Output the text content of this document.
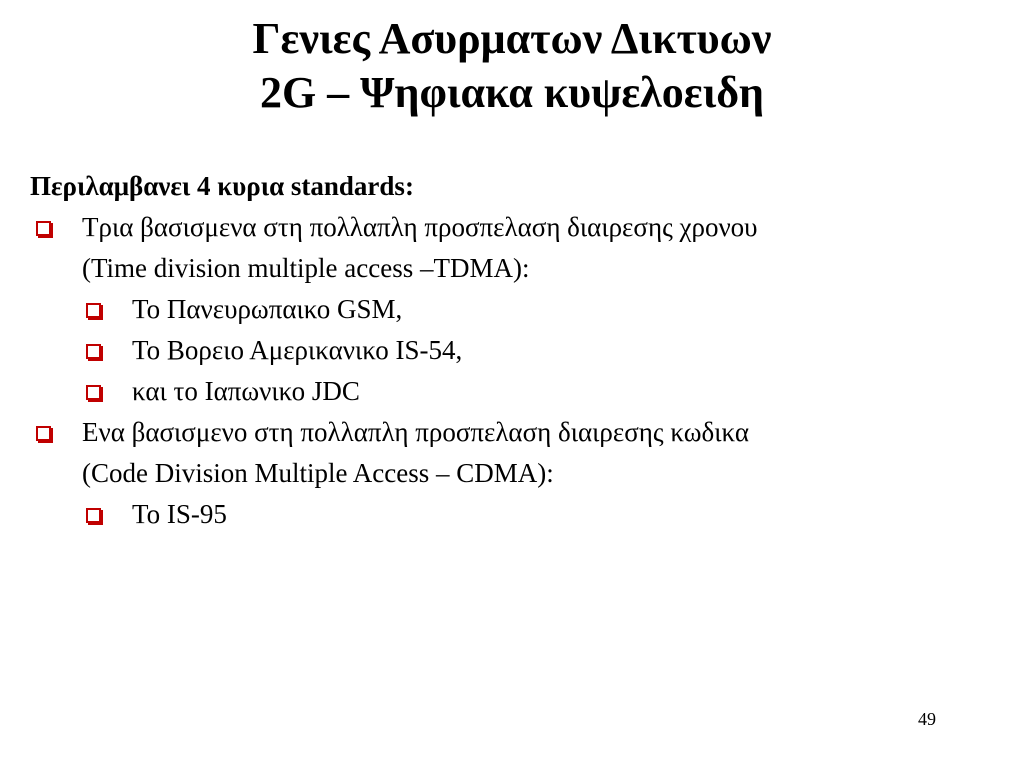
Γενιες Ασυρματων Δικτυων
2G – Ψηφιακα κυψελοειδη
Περιλαμβανει 4 κυρια standards:
Τρια βασισμενα στη πολλαπλη προσπελαση διαιρεσης χρονου
(Time division multiple access –TDMA):
Το Πανευρωπαικο GSM,
Το Βορειο Αμερικανικο IS-54,
και το Ιαπωνικο JDC
Ενα βασισμενο στη πολλαπλη προσπελαση διαιρεσης κωδικα
(Code Division Multiple Access – CDMA):
Το IS-95
49
